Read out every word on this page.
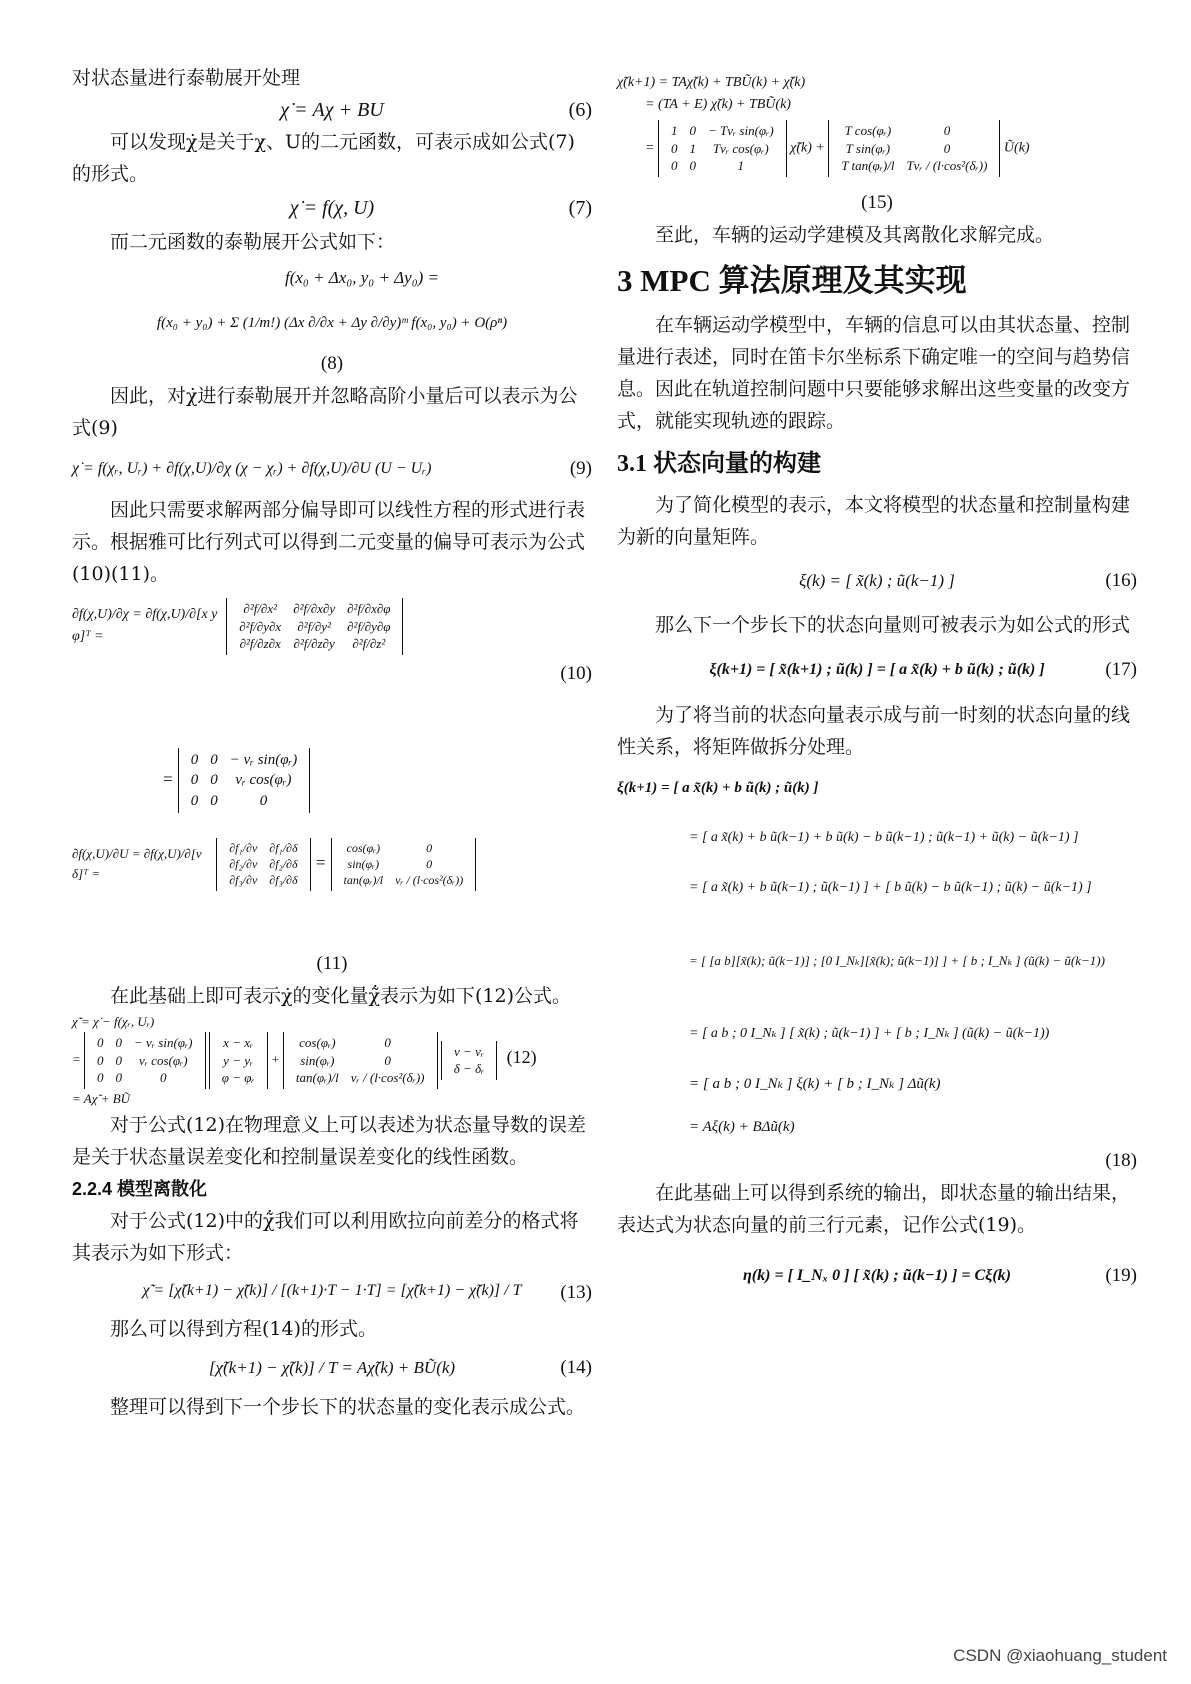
对状态量进行泰勒展开处理

χ̇ = Aχ + BU	(6)

可以发现χ̇是关于χ、U的二元函数，可表示成如公式(7)的形式。

χ̇ = f(χ, U)	(7)

而二元函数的泰勒展开公式如下：

f(x₀ + Δx₀, y₀ + Δy₀) =
f(x₀ + y₀) + Σ (1/m!) (Δx ∂/∂x + Δy ∂/∂y)ᵐ f(x₀, y₀) + O(ρⁿ)
(8)

因此，对χ̇进行泰勒展开并忽略高阶小量后可以表示为公式(9)

χ̇ = f(χᵣ, Uᵣ) + ∂f(χ,U)/∂χ (χ − χᵣ) + ∂f(χ,U)/∂U (U − Uᵣ)	(9)

因此只需要求解两部分偏导即可以线性方程的形式进行表示。根据雅可比行列式可以得到二元变量的偏导可表示为公式(10)(11)。

∂f(χ,U)/∂χ = ∂f(χ,U)/∂[x y φ]ᵀ =
∂²f/∂x²	∂²f/∂x∂y	∂²f/∂x∂φ
∂²f/∂y∂x	∂²f/∂y²	∂²f/∂y∂φ
∂²f/∂z∂x	∂²f/∂z∂y	∂²f/∂z²
(10)
=
0	0	− vᵣ sin(φᵣ)
0	0	vᵣ cos(φᵣ)
0	0	0
∂f(χ,U)/∂U = ∂f(χ,U)/∂[v δ]ᵀ =
∂f₁/∂v	∂f₁/∂δ
∂f₂/∂v	∂f₂/∂δ
∂f₃/∂v	∂f₃/∂δ
=
cos(φᵣ)	0
sin(φᵣ)	0
tan(φᵣ)/l	vᵣ / (l·cos²(δᵣ))
(11)

在此基础上即可表示χ̇的变化量χ̃̇表示为如下(12)公式。

χ̃̇ = χ̇ − f(χᵣ, Uᵣ)
=
0	0	− vᵣ sin(φᵣ)
0	0	vᵣ cos(φᵣ)
0	0	0

x − xᵣ
y − yᵣ
φ − φᵣ
+
cos(φᵣ)	0
sin(φᵣ)	0
tan(φᵣ)/l	vᵣ / (l·cos²(δᵣ))

v − vᵣ
δ − δᵣ
(12)
= Aχ̃ + BŨ

对于公式(12)在物理意义上可以表述为状态量导数的误差是关于状态量误差变化和控制量误差变化的线性函数。

2.2.4 模型离散化

对于公式(12)中的χ̃̇我们可以利用欧拉向前差分的格式将其表示为如下形式：

χ̃̇ = [χ̃(k+1) − χ̃(k)] / [(k+1)·T − 1·T] = [χ̃(k+1) − χ̃(k)] / T	(13)

那么可以得到方程(14)的形式。

[χ̃(k+1) − χ̃(k)] / T = Aχ̃(k) + BŨ(k)	(14)

整理可以得到下一个步长下的状态量的变化表示成公式。

χ̃(k+1) = TAχ̃(k) + TBŨ(k) + χ̃(k)
= (TA + E) χ̃(k) + TBŨ(k)
=
1	0	− Tvᵣ sin(φᵣ)
0	1	Tvᵣ cos(φᵣ)
0	0	1
χ̃(k) +
T cos(φᵣ)	0
T sin(φᵣ)	0
T tan(φᵣ)/l	Tvᵣ / (l·cos²(δᵣ))
Ũ(k)
(15)

至此，车辆的运动学建模及其离散化求解完成。

3 MPC 算法原理及其实现

在车辆运动学模型中，车辆的信息可以由其状态量、控制量进行表述，同时在笛卡尔坐标系下确定唯一的空间与趋势信息。因此在轨道控制问题中只要能够求解出这些变量的改变方式，就能实现轨迹的跟踪。

3.1 状态向量的构建

为了简化模型的表示，本文将模型的状态量和控制量构建为新的向量矩阵。

ξ(k) = [ x̃(k) ; ũ(k−1) ]	(16)

那么下一个步长下的状态向量则可被表示为如公式的形式

ξ(k+1) = [ x̃(k+1) ; ũ(k) ] = [ a x̃(k) + b ũ(k) ; ũ(k) ]	(17)

为了将当前的状态向量表示成与前一时刻的状态向量的线性关系，将矩阵做拆分处理。

ξ(k+1) = [ a x̃(k) + b ũ(k) ; ũ(k) ]
= [ a x̃(k) + b ũ(k−1) + b ũ(k) − b ũ(k−1) ; ũ(k−1) + ũ(k) − ũ(k−1) ]
= [ a x̃(k) + b ũ(k−1) ; ũ(k−1) ] + [ b ũ(k) − b ũ(k−1) ; ũ(k) − ũ(k−1) ]
= [ [a b][x̃(k); ũ(k−1)] ; [0 I_Nₖ][x̃(k); ũ(k−1)] ] + [ b ; I_Nₖ ] (ũ(k) − ũ(k−1))
= [ a b ; 0 I_Nₖ ] [ x̃(k) ; ũ(k−1) ] + [ b ; I_Nₖ ] (ũ(k) − ũ(k−1))
= [ a b ; 0 I_Nₖ ] ξ(k) + [ b ; I_Nₖ ] Δũ(k)
= Aξ(k) + BΔũ(k)
(18)

在此基础上可以得到系统的输出，即状态量的输出结果，表达式为状态向量的前三行元素，记作公式(19)。

η(k) = [ I_Nₓ 0 ] [ x̃(k) ; ũ(k−1) ] = Cξ(k)	(19)
CSDN @xiaohuang_student
